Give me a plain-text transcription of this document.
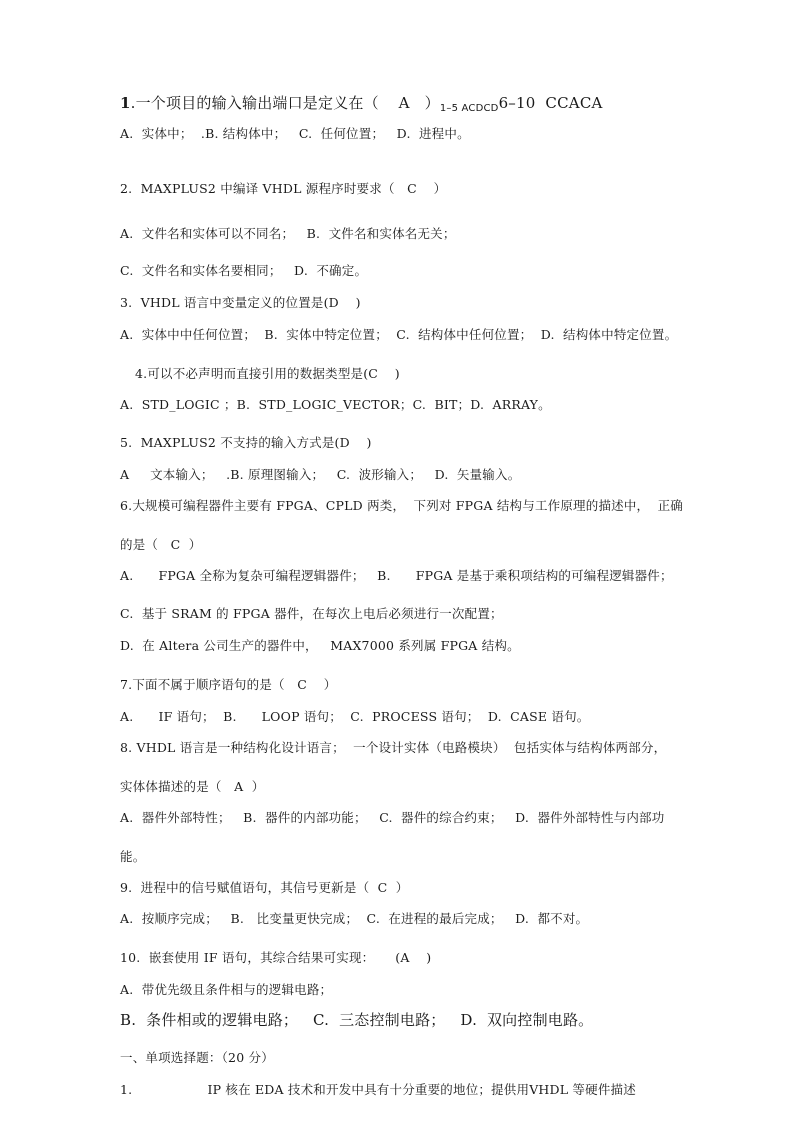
1.一个项目的输入输出端口是定义在（    A   ）$_{1-5 ACDCD}6-10$  CCACA
A.  实体中；  .B. 结构体中；   C.  任何位置；   D.  进程中。
2.  MAXPLUS2 中编译 VHDL 源程序时要求（   C    ）
A.  文件名和实体可以不同名；   B.  文件名和实体名无关；
C.  文件名和实体名要相同；   D.  不确定。
3.  VHDL 语言中变量定义的位置是(D    )
A.  实体中中任何位置；  B.  实体中特定位置；  C.  结构体中任何位置；  D.  结构体中特定位置。
4.可以不必声明而直接引用的数据类型是(C    )
A.  STD_LOGIC ；B.  STD_LOGIC_VECTOR；C.  BIT；D.  ARRAY。
5.  MAXPLUS2 不支持的输入方式是(D    )
A     文本输入；   .B. 原理图输入；   C.  波形输入；   D.  矢量输入。
6.大规模可编程器件主要有 FPGA、CPLD 两类，  下列对 FPGA 结构与工作原理的描述中，  正确
的是（   C  ）
A.      FPGA 全称为复杂可编程逻辑器件；   B.      FPGA 是基于乘积项结构的可编程逻辑器件；
C.  基于 SRAM 的 FPGA 器件，在每次上电后必须进行一次配置；
D.  在 Altera 公司生产的器件中，   MAX7000 系列属 FPGA 结构。
7.下面不属于顺序语句的是（   C    ）
A.      IF 语句；  B.      LOOP 语句；  C.  PROCESS 语句；  D.  CASE 语句。
8. VHDL 语言是一种结构化设计语言；  一个设计实体（电路模块）  包括实体与结构体两部分，
实体体描述的是（   A  ）
A.  器件外部特性；   B.  器件的内部功能；   C.  器件的综合约束；   D.  器件外部特性与内部功
能。
9.  进程中的信号赋值语句，其信号更新是（  C  ）
A.  按顺序完成；   B.   比变量更快完成；  C.  在进程的最后完成；   D.  都不对。
10.  嵌套使用 IF 语句，其综合结果可实现：     (A    )
A.  带优先级且条件相与的逻辑电路；
B.  条件相或的逻辑电路；   C.  三态控制电路；   D.  双向控制电路。
一、单项选择题：（20 分）
1.                  IP 核在 EDA 技术和开发中具有十分重要的地位；提供用VHDL 等硬件描述
